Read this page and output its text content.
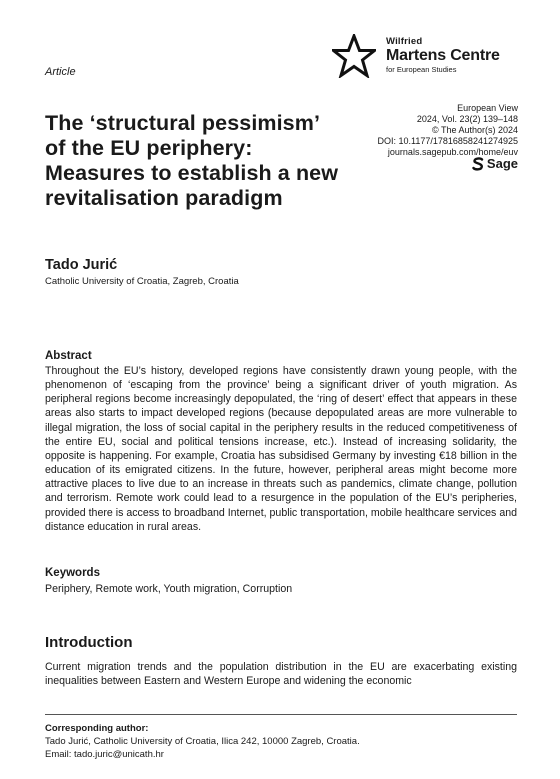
Article
Wilfried
Martens Centre
for European Studies
European View
2024, Vol. 23(2) 139–148
© The Author(s) 2024
DOI: 10.1177/17816858241274925
journals.sagepub.com/home/euv
Sage
The ‘structural pessimism’ of the EU periphery: Measures to establish a new revitalisation paradigm
Tado Jurić
Catholic University of Croatia, Zagreb, Croatia
Abstract

Throughout the EU’s history, developed regions have consistently drawn young people, with the phenomenon of ‘escaping from the province’ being a significant driver of youth migration. As peripheral regions become increasingly depopulated, the ‘ring of desert’ effect that appears in these areas also starts to impact developed regions (because depopulated areas are more vulnerable to illegal migration, the loss of social capital in the periphery results in the reduced competitiveness of the entire EU, social and political tensions increase, etc.). Instead of increasing solidarity, the opposite is happening. For example, Croatia has subsidised Germany by investing €18 billion in the education of its emigrated citizens. In the future, however, peripheral areas might become more attractive places to live due to an increase in threats such as pandemics, climate change, pollution and terrorism. Remote work could lead to a resurgence in the population of the EU’s peripheries, provided there is access to broadband Internet, public transportation, mobile healthcare services and distance education in rural areas.

Keywords
Periphery, Remote work, Youth migration, Corruption
Introduction

Current migration trends and the population distribution in the EU are exacerbating existing inequalities between Eastern and Western Europe and widening the economic

Corresponding author:
Tado Jurić, Catholic University of Croatia, Ilica 242, 10000 Zagreb, Croatia.
Email: tado.juric@unicath.hr
